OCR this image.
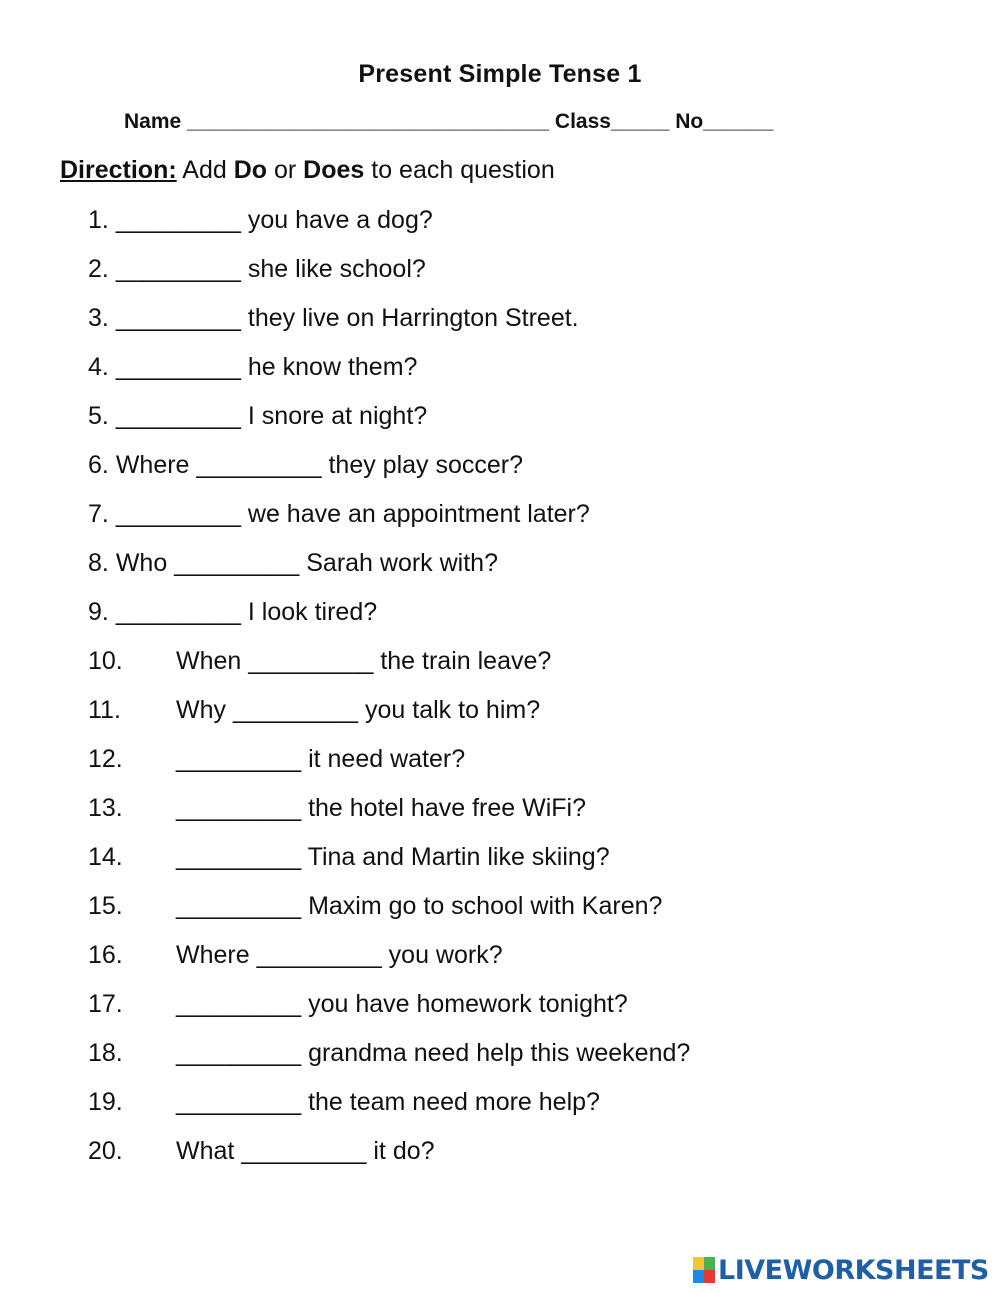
Present Simple Tense 1
Name _______________________________ Class_____ No______
Direction: Add Do or Does to each question
1. _________ you have a dog?
2. _________ she like school?
3. _________ they live on Harrington Street.
4. _________ he know them?
5. _________ I snore at night?
6. Where _________ they play soccer?
7. _________ we have an appointment later?
8. Who _________ Sarah work with?
9. _________ I look tired?
10. When _________ the train leave?
11. Why _________ you talk to him?
12. _________ it need water?
13. _________ the hotel have free WiFi?
14. _________ Tina and Martin like skiing?
15. _________ Maxim go to school with Karen?
16. Where _________ you work?
17. _________ you have homework tonight?
18. _________ grandma need help this weekend?
19. _________ the team need more help?
20. What _________ it do?
LIVEWORKSHEETS
